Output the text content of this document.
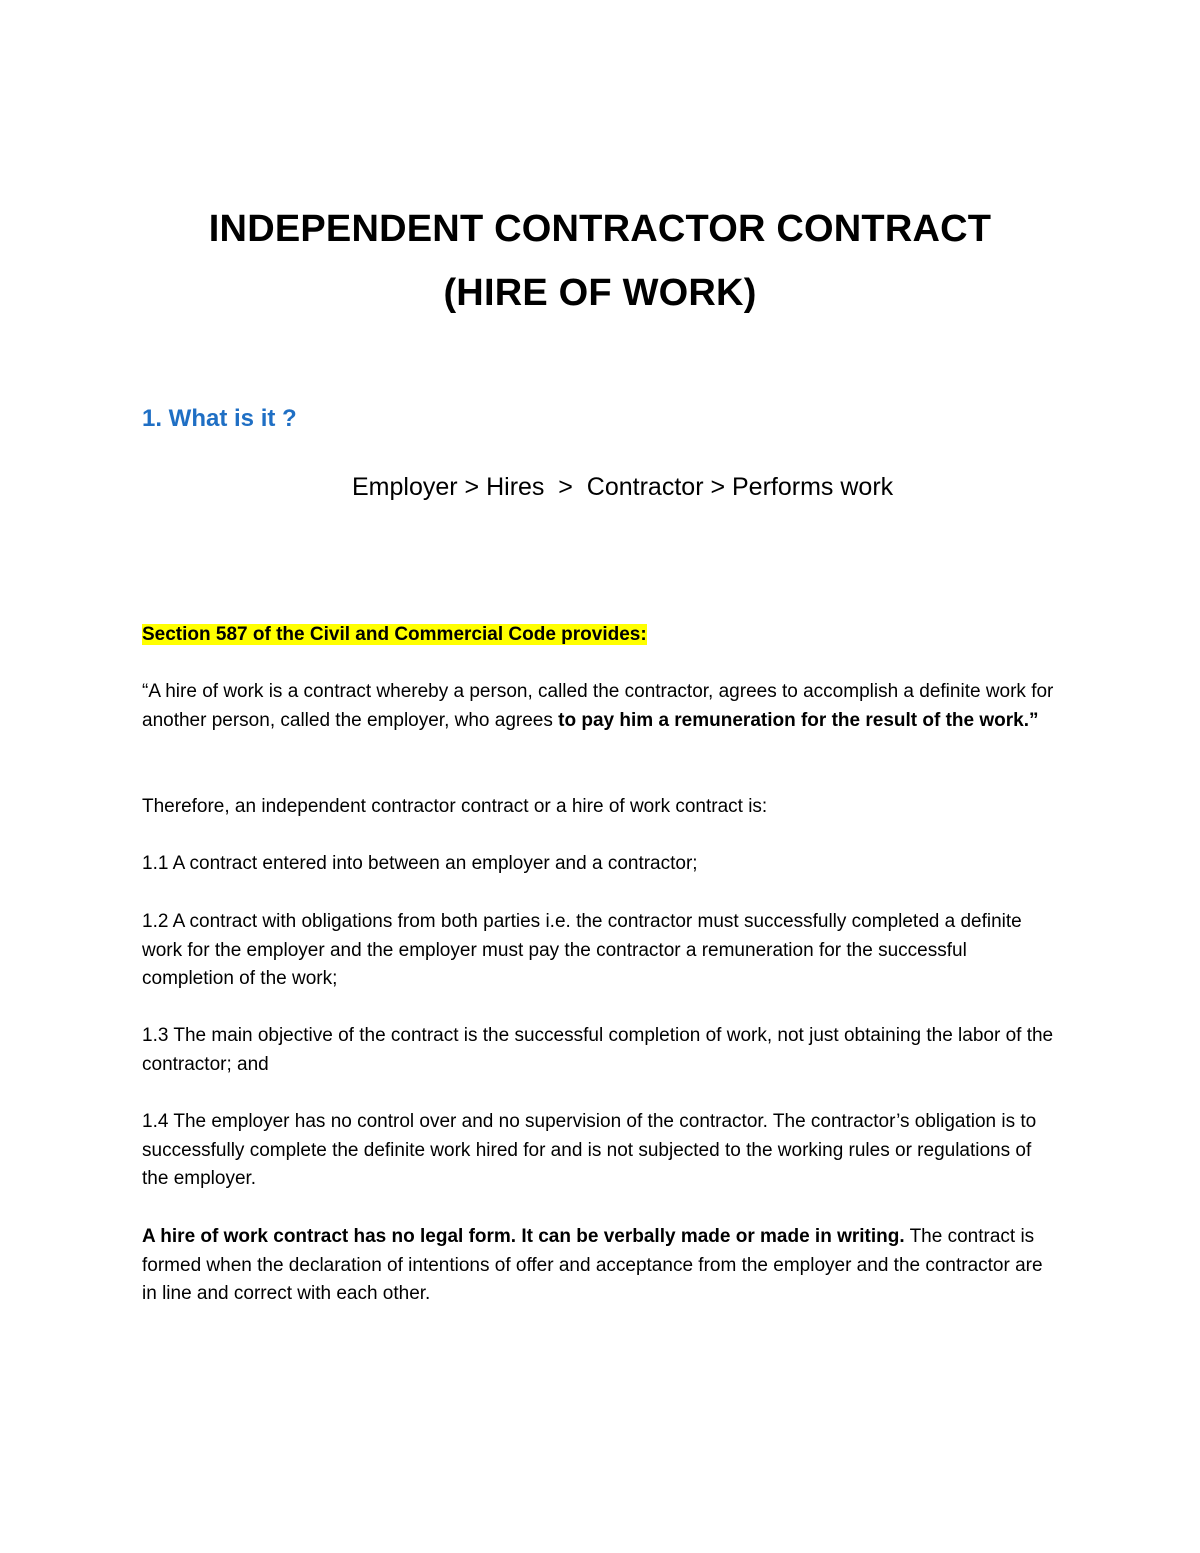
INDEPENDENT CONTRACTOR CONTRACT
(HIRE OF WORK)
1. What is it ?
Employer > Hires  >  Contractor > Performs work

Section 587 of the Civil and Commercial Code provides:

“A hire of work is a contract whereby a person, called the contractor, agrees to accomplish a definite work for another person, called the employer, who agrees to pay him a remuneration for the result of the work.”

Therefore, an independent contractor contract or a hire of work contract is:

1.1 A contract entered into between an employer and a contractor;

1.2 A contract with obligations from both parties i.e. the contractor must successfully completed a definite work for the employer and the employer must pay the contractor a remuneration for the successful completion of the work;

1.3 The main objective of the contract is the successful completion of work, not just obtaining the labor of the contractor; and

1.4 The employer has no control over and no supervision of the contractor. The contractor’s obligation is to successfully complete the definite work hired for and is not subjected to the working rules or regulations of the employer.

A hire of work contract has no legal form. It can be verbally made or made in writing. The contract is formed when the declaration of intentions of offer and acceptance from the employer and the contractor are in line and correct with each other.
